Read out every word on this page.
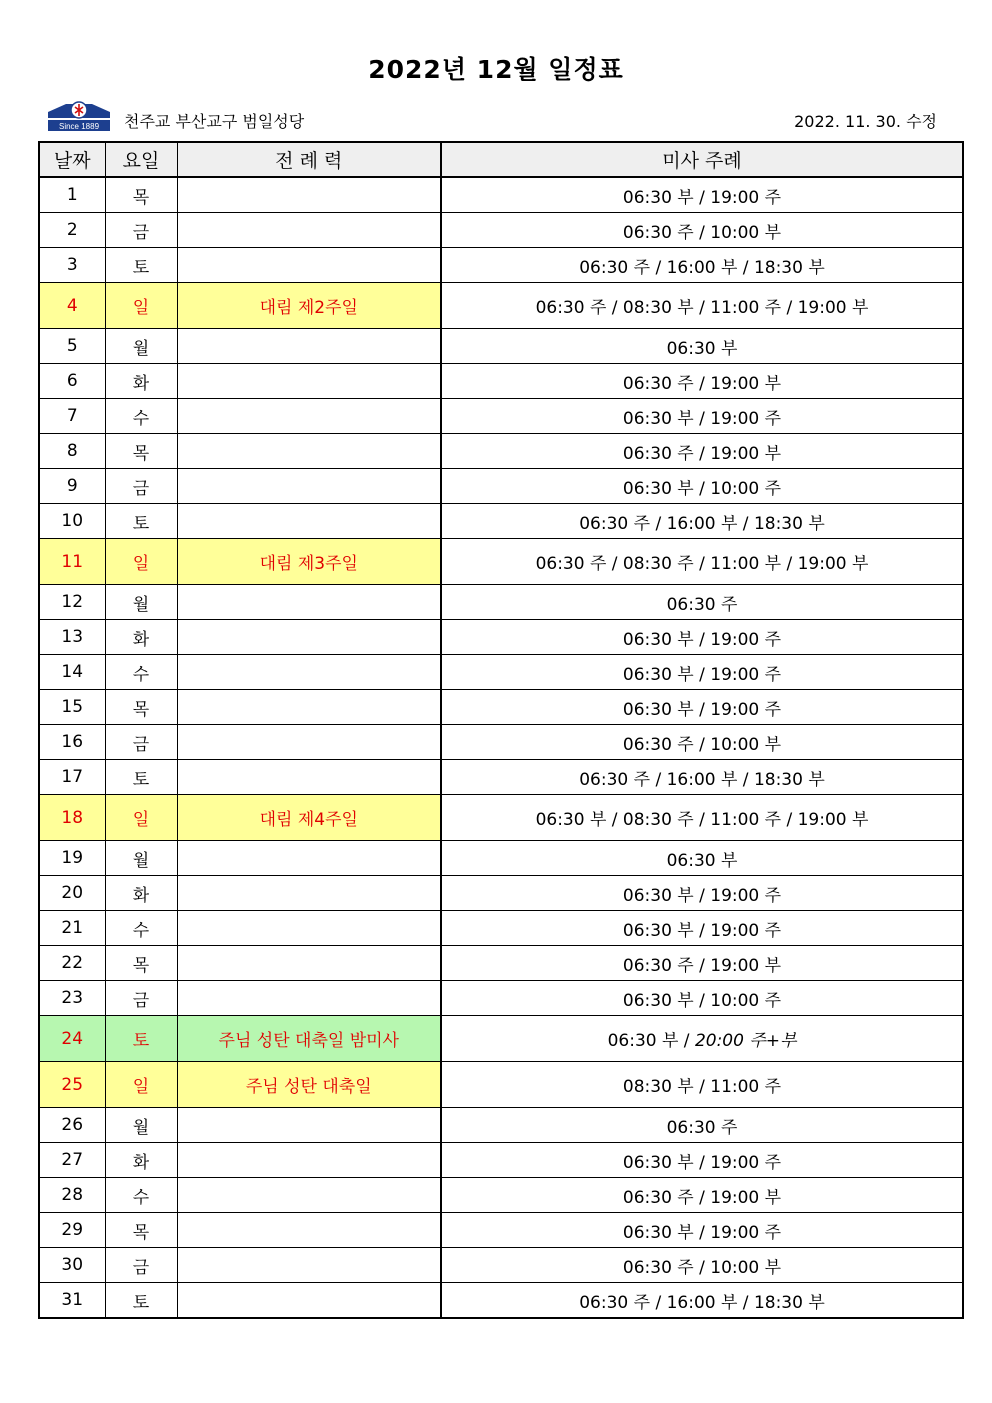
2022년 12월 일정표
Since 1889 천주교 부산교구 범일성당	2022. 11. 30. 수정
날짜	요일	전 례 력	미사 주례
1	목		06:30 부 / 19:00 주
2	금		06:30 주 / 10:00 부
3	토		06:30 주 / 16:00 부 / 18:30 부
4	일	대림 제2주일	06:30 주 / 08:30 부 / 11:00 주 / 19:00 부
5	월		06:30 부
6	화		06:30 주 / 19:00 부
7	수		06:30 부 / 19:00 주
8	목		06:30 주 / 19:00 부
9	금		06:30 부 / 10:00 주
10	토		06:30 주 / 16:00 부 / 18:30 부
11	일	대림 제3주일	06:30 주 / 08:30 주 / 11:00 부 / 19:00 부
12	월		06:30 주
13	화		06:30 부 / 19:00 주
14	수		06:30 부 / 19:00 주
15	목		06:30 부 / 19:00 주
16	금		06:30 주 / 10:00 부
17	토		06:30 주 / 16:00 부 / 18:30 부
18	일	대림 제4주일	06:30 부 / 08:30 주 / 11:00 주 / 19:00 부
19	월		06:30 부
20	화		06:30 부 / 19:00 주
21	수		06:30 부 / 19:00 주
22	목		06:30 주 / 19:00 부
23	금		06:30 부 / 10:00 주
24	토	주님 성탄 대축일 밤미사	06:30 부 / 20:00 주+부
25	일	주님 성탄 대축일	08:30 부 / 11:00 주
26	월		06:30 주
27	화		06:30 부 / 19:00 주
28	수		06:30 주 / 19:00 부
29	목		06:30 부 / 19:00 주
30	금		06:30 주 / 10:00 부
31	토		06:30 주 / 16:00 부 / 18:30 부
